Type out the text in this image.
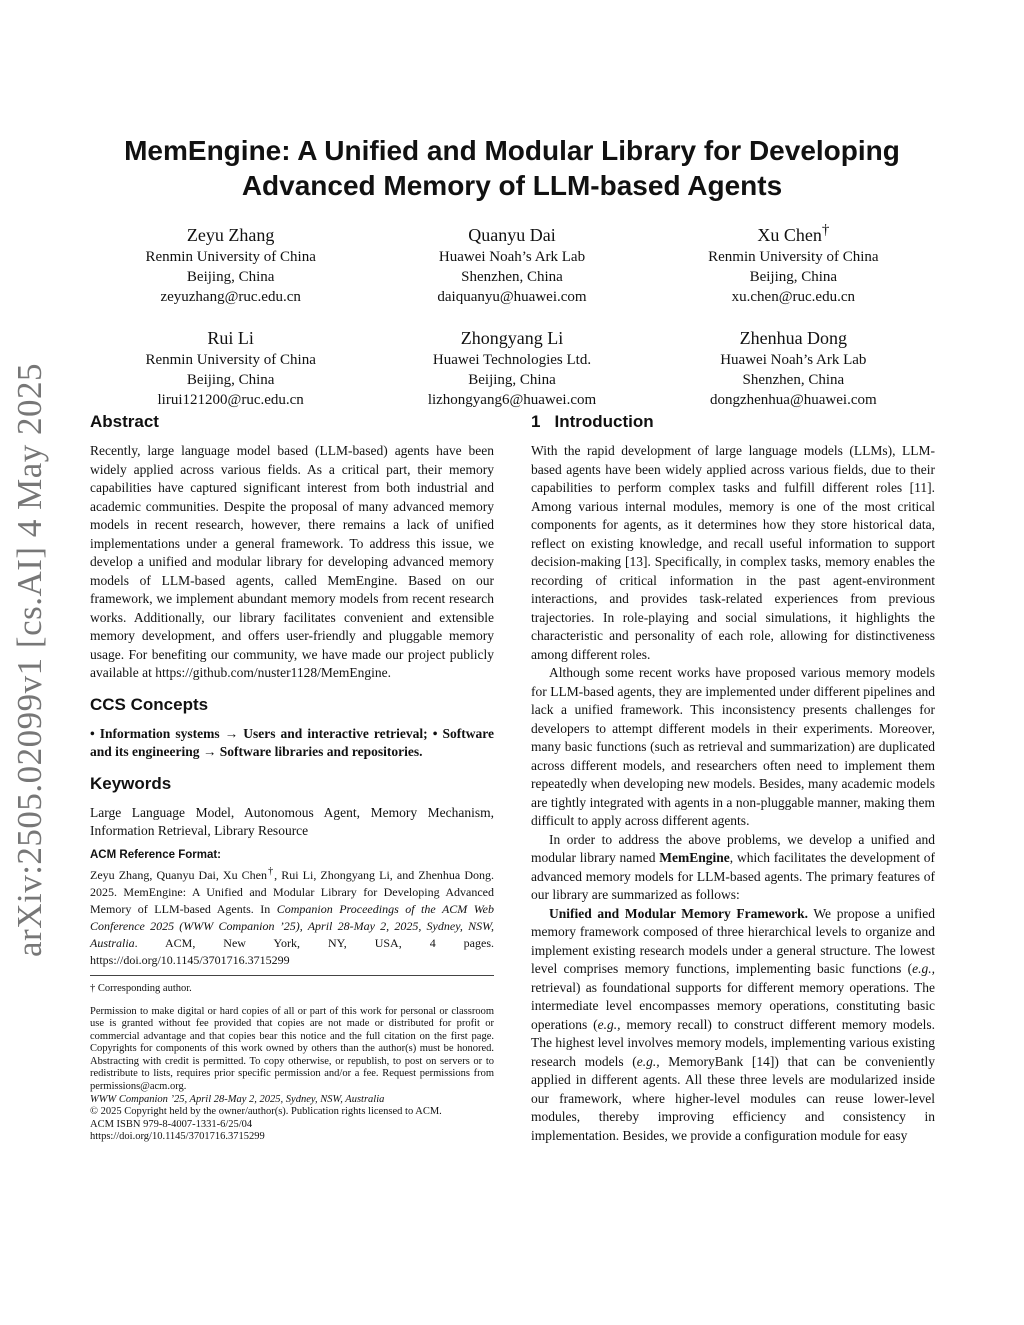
arXiv:2505.02099v1 [cs.AI] 4 May 2025
MemEngine: A Unified and Modular Library for Developing
Advanced Memory of LLM-based Agents
Zeyu Zhang
Renmin University of China
Beijing, China
zeyuzhang@ruc.edu.cn
Quanyu Dai
Huawei Noah’s Ark Lab
Shenzhen, China
daiquanyu@huawei.com
Xu Chen†
Renmin University of China
Beijing, China
xu.chen@ruc.edu.cn
Rui Li
Renmin University of China
Beijing, China
lirui121200@ruc.edu.cn
Zhongyang Li
Huawei Technologies Ltd.
Beijing, China
lizhongyang6@huawei.com
Zhenhua Dong
Huawei Noah’s Ark Lab
Shenzhen, China
dongzhenhua@huawei.com
Abstract

Recently, large language model based (LLM-based) agents have been widely applied across various fields. As a critical part, their memory capabilities have captured significant interest from both industrial and academic communities. Despite the proposal of many advanced memory models in recent research, however, there remains a lack of unified implementations under a general framework. To address this issue, we develop a unified and modular library for developing advanced memory models of LLM-based agents, called MemEngine. Based on our framework, we implement abundant memory models from recent research works. Additionally, our library facilitates convenient and extensible memory development, and offers user-friendly and pluggable memory usage. For benefiting our community, we have made our project publicly available at https://github.com/nuster1128/MemEngine.

CCS Concepts
• Information systems → Users and interactive retrieval; • Software and its engineering → Software libraries and repositories.
Keywords

Large Language Model, Autonomous Agent, Memory Mechanism, Information Retrieval, Library Resource

ACM Reference Format:
Zeyu Zhang, Quanyu Dai, Xu Chen†, Rui Li, Zhongyang Li, and Zhenhua Dong. 2025. MemEngine: A Unified and Modular Library for Developing Advanced Memory of LLM-based Agents. In Companion Proceedings of the ACM Web Conference 2025 (WWW Companion ’25), April 28-May 2, 2025, Sydney, NSW, Australia. ACM, New York, NY, USA, 4 pages. https://doi.org/10.1145/3701716.3715299
† Corresponding author.
Permission to make digital or hard copies of all or part of this work for personal or classroom use is granted without fee provided that copies are not made or distributed for profit or commercial advantage and that copies bear this notice and the full citation on the first page. Copyrights for components of this work owned by others than the author(s) must be honored. Abstracting with credit is permitted. To copy otherwise, or republish, to post on servers or to redistribute to lists, requires prior specific permission and/or a fee. Request permissions from permissions@acm.org.
WWW Companion ’25, April 28-May 2, 2025, Sydney, NSW, Australia
© 2025 Copyright held by the owner/author(s). Publication rights licensed to ACM.
ACM ISBN 979-8-4007-1331-6/25/04
https://doi.org/10.1145/3701716.3715299
1 Introduction

With the rapid development of large language models (LLMs), LLM-based agents have been widely applied across various fields, due to their capabilities to perform complex tasks and fulfill different roles [11]. Among various internal modules, memory is one of the most critical components for agents, as it determines how they store historical data, reflect on existing knowledge, and recall useful information to support decision-making [13]. Specifically, in complex tasks, memory enables the recording of critical information in the past agent-environment interactions, and provides task-related experiences from previous trajectories. In role-playing and social simulations, it highlights the characteristic and personality of each role, allowing for distinctiveness among different roles.

Although some recent works have proposed various memory models for LLM-based agents, they are implemented under different pipelines and lack a unified framework. This inconsistency presents challenges for developers to attempt different models in their experiments. Moreover, many basic functions (such as retrieval and summarization) are duplicated across different models, and researchers often need to implement them repeatedly when developing new models. Besides, many academic models are tightly integrated with agents in a non-pluggable manner, making them difficult to apply across different agents.

In order to address the above problems, we develop a unified and modular library named MemEngine, which facilitates the development of advanced memory models for LLM-based agents. The primary features of our library are summarized as follows:

Unified and Modular Memory Framework. We propose a unified memory framework composed of three hierarchical levels to organize and implement existing research models under a general structure. The lowest level comprises memory functions, implementing basic functions (e.g., retrieval) as foundational supports for different memory operations. The intermediate level encompasses memory operations, constituting basic operations (e.g., memory recall) to construct different memory models. The highest level involves memory models, implementing various existing research models (e.g., MemoryBank [14]) that can be conveniently applied in different agents. All these three levels are modularized inside our framework, where higher-level modules can reuse lower-level modules, thereby improving efficiency and consistency in implementation. Besides, we provide a configuration module for easy
